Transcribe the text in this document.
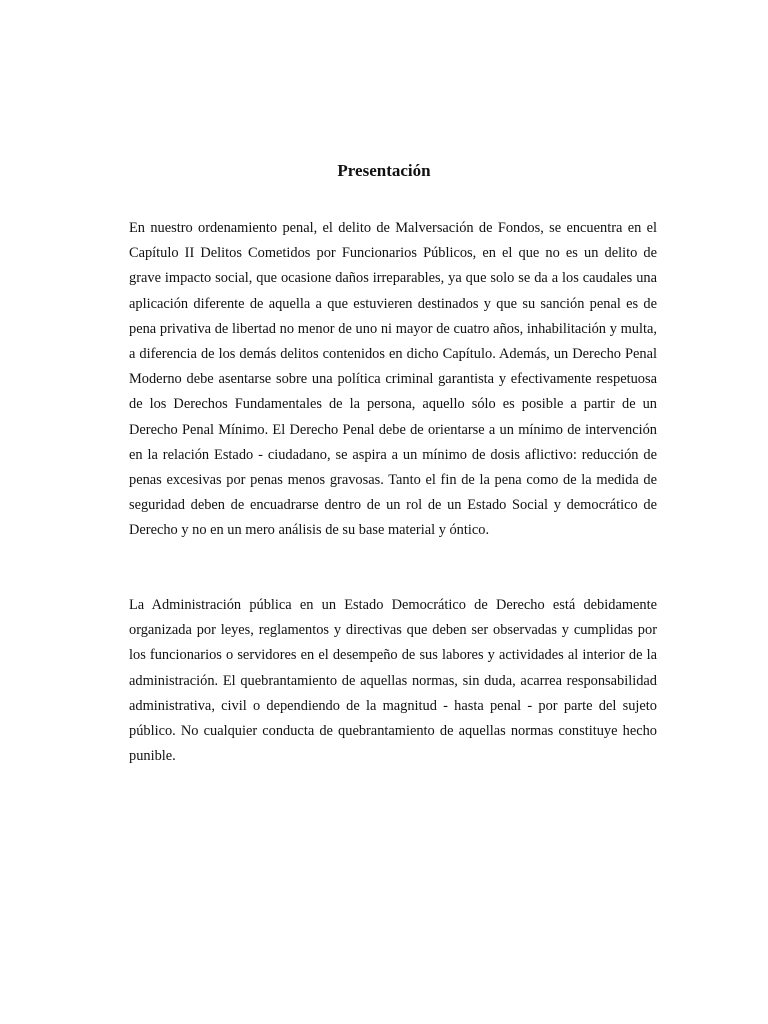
Presentación

En nuestro ordenamiento penal, el delito de Malversación de Fondos, se encuentra en el Capítulo II Delitos Cometidos por Funcionarios Públicos, en el que no es un delito de grave impacto social, que ocasione daños irreparables, ya que solo se da a los caudales una aplicación diferente de aquella a que estuvieren destinados y que su sanción penal es de pena privativa de libertad no menor de uno ni mayor de cuatro años, inhabilitación y multa, a diferencia de los demás delitos contenidos en dicho Capítulo. Además, un Derecho Penal Moderno debe asentarse sobre una política criminal garantista y efectivamente respetuosa de los Derechos Fundamentales de la persona, aquello sólo es posible a partir de un Derecho Penal Mínimo. El Derecho Penal debe de orientarse a un mínimo de intervención en la relación Estado - ciudadano, se aspira a un mínimo de dosis aflictivo: reducción de penas excesivas por penas menos gravosas. Tanto el fin de la pena como de la medida de seguridad deben de encuadrarse dentro de un rol de un Estado Social y democrático de Derecho y no en un mero análisis de su base material y óntico.

La Administración pública en un Estado Democrático de Derecho está debidamente organizada por leyes, reglamentos y directivas que deben ser observadas y cumplidas por los funcionarios o servidores en el desempeño de sus labores y actividades al interior de la administración. El quebrantamiento de aquellas normas, sin duda, acarrea responsabilidad administrativa, civil o dependiendo de la magnitud - hasta penal - por parte del sujeto público. No cualquier conducta de quebrantamiento de aquellas normas constituye hecho punible.
